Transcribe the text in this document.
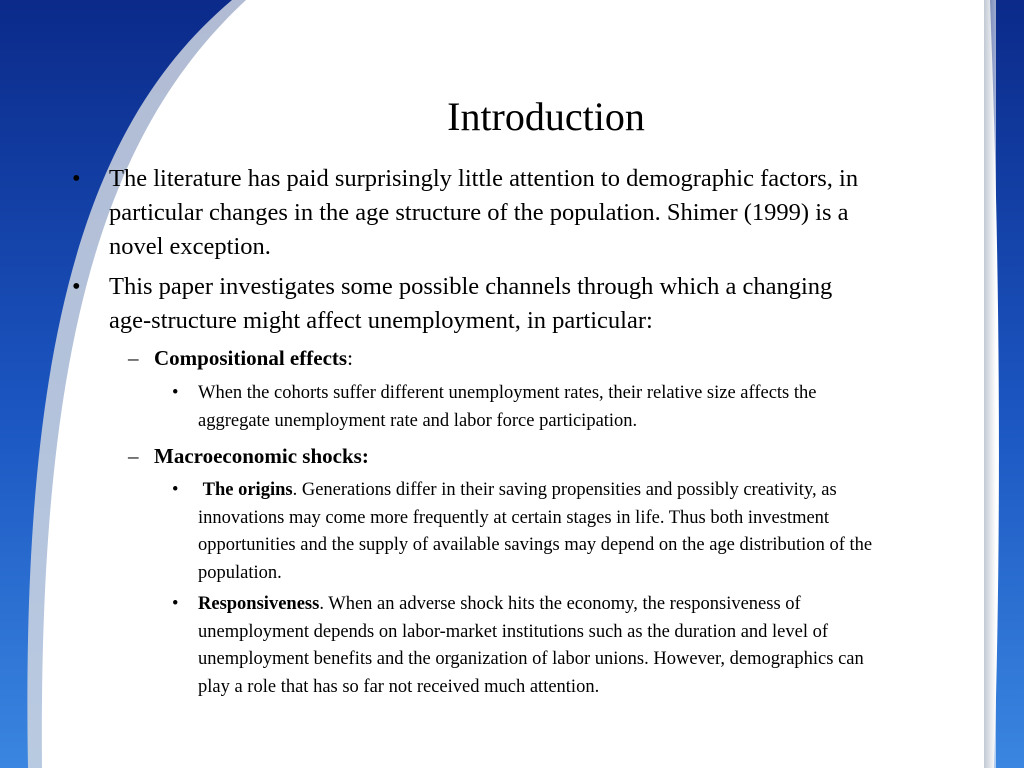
Introduction
• The literature has paid surprisingly little attention to demographic factors, in particular changes in the age structure of the population. Shimer (1999) is a novel exception.

• This paper investigates some possible channels through which a changing age-structure might affect unemployment, in particular:

– Compositional effects:

• When the cohorts suffer different unemployment rates, their relative size affects the aggregate unemployment rate and labor force participation.

– Macroeconomic shocks:

• The origins. Generations differ in their saving propensities and possibly creativity, as innovations may come more frequently at certain stages in life. Thus both investment opportunities and the supply of available savings may depend on the age distribution of the population.

• Responsiveness. When an adverse shock hits the economy, the responsiveness of unemployment depends on labor-market institutions such as the duration and level of unemployment benefits and the organization of labor unions. However, demographics can play a role that has so far not received much attention.
